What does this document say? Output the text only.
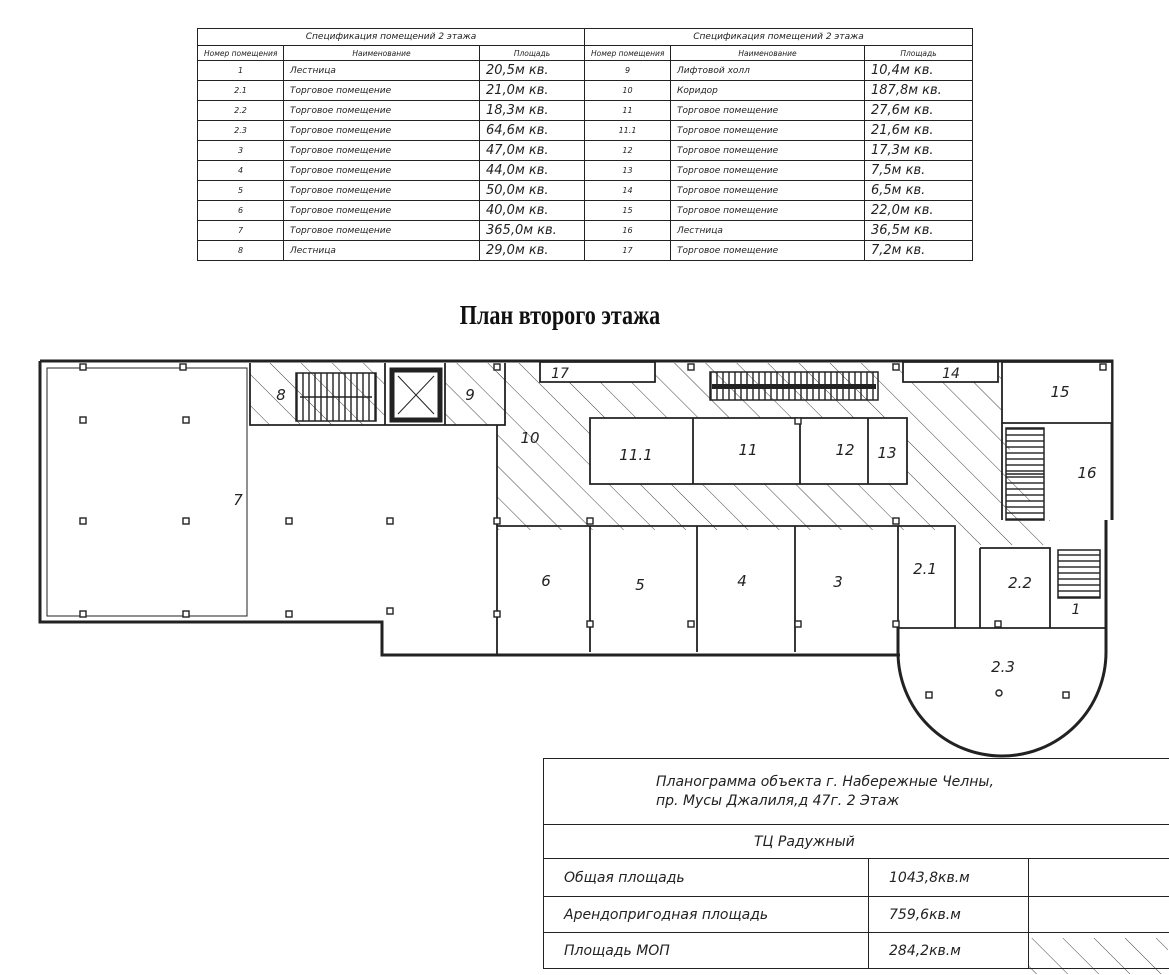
Спецификация помещений 2 этажа		
Номер помещения	Наименование	Площадь
1	Лестница	20,5м кв.
2.1	Торговое помещение	21,0м кв.
2.2	Торговое помещение	18,3м кв.
2.3	Торговое помещение	64,6м кв.
3	Торговое помещение	47,0м кв.
4	Торговое помещение	44,0м кв.
5	Торговое помещение	50,0м кв.
6	Торговое помещение	40,0м кв.
7	Торговое помещение	365,0м кв.
8	Лестница	29,0м кв.
Спецификация помещений 2 этажа		
Номер помещения	Наименование	Площадь
9	Лифтовой холл	10,4м кв.
10	Коридор	187,8м кв.
11	Торговое помещение	27,6м кв.
11.1	Торговое помещение	21,6м кв.
12	Торговое помещение	17,3м кв.
13	Торговое помещение	7,5м кв.
14	Торговое помещение	6,5м кв.
15	Торговое помещение	22,0м кв.
16	Лестница	36,5м кв.
17	Торговое помещение	7,2м кв.
План второго этажа
7
8	9
10
17
11.1	11	12 13
14
15
16
6	5	4	3
2.1
2.2
1
2.3
Планограмма объекта г. Набережные Челны,
пр. Мусы Джалиля,д 47г. 2 Этаж		

ТЦ Радужный		
Общая площадь	1043,8кв.м	
Арендопригодная площадь	759,6кв.м	
Площадь МОП	284,2кв.м	
